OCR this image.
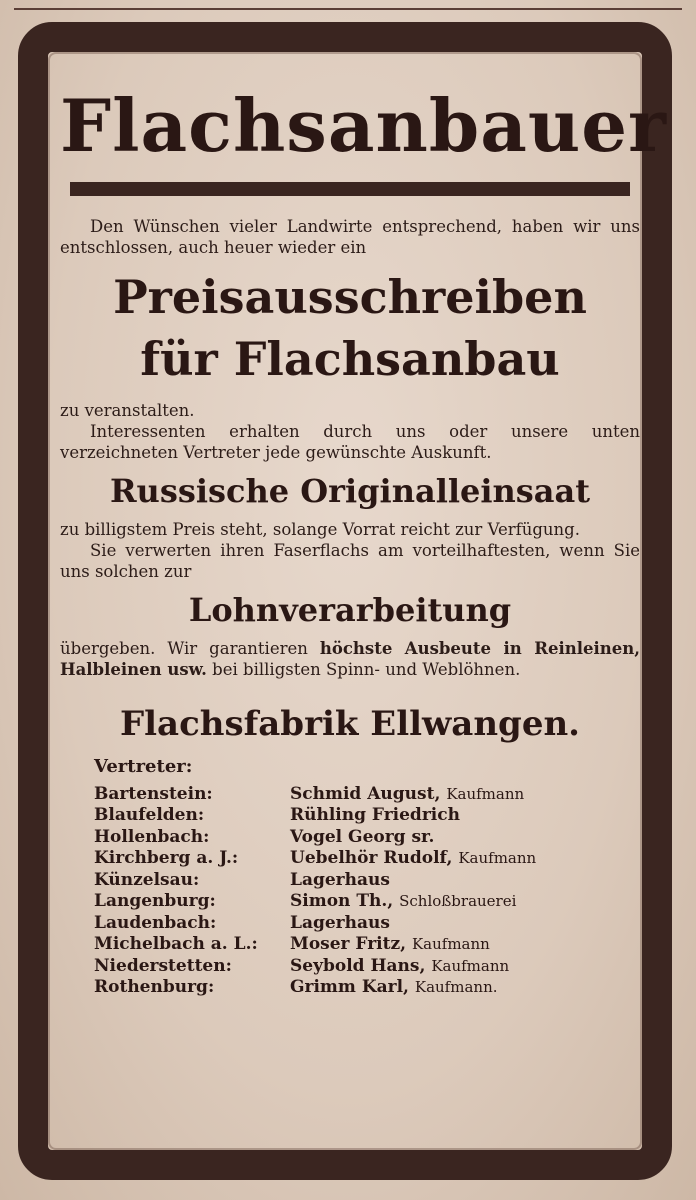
Flachsanbauer

Den Wünschen vieler Landwirte entsprechend, haben wir uns entschlossen, auch heuer wieder ein

Preisausschreiben

für Flachsanbau

zu veranstalten.

Interessenten erhalten durch uns oder unsere unten verzeichneten Vertreter jede gewünschte Auskunft.

Russische Originalleinsaat

zu billigstem Preis steht, solange Vorrat reicht zur Verfügung.

Sie verwerten ihren Faserflachs am vorteilhaftesten, wenn Sie uns solchen zur

Lohnverarbeitung

übergeben. Wir garantieren höchste Ausbeute in Reinleinen, Halbleinen usw. bei billigsten Spinn- und Weblöhnen.

Flachsfabrik Ellwangen.

Vertreter:
Bartenstein:	Schmid August, Kaufmann
Blaufelden:	Rühling Friedrich
Hollenbach:	Vogel Georg sr.
Kirchberg a. J.:	Uebelhör Rudolf, Kaufmann
Künzelsau:	Lagerhaus
Langenburg:	Simon Th., Schloßbrauerei
Laudenbach:	Lagerhaus
Michelbach a. L.:	Moser Fritz, Kaufmann
Niederstetten:	Seybold Hans, Kaufmann
Rothenburg:	Grimm Karl, Kaufmann.
